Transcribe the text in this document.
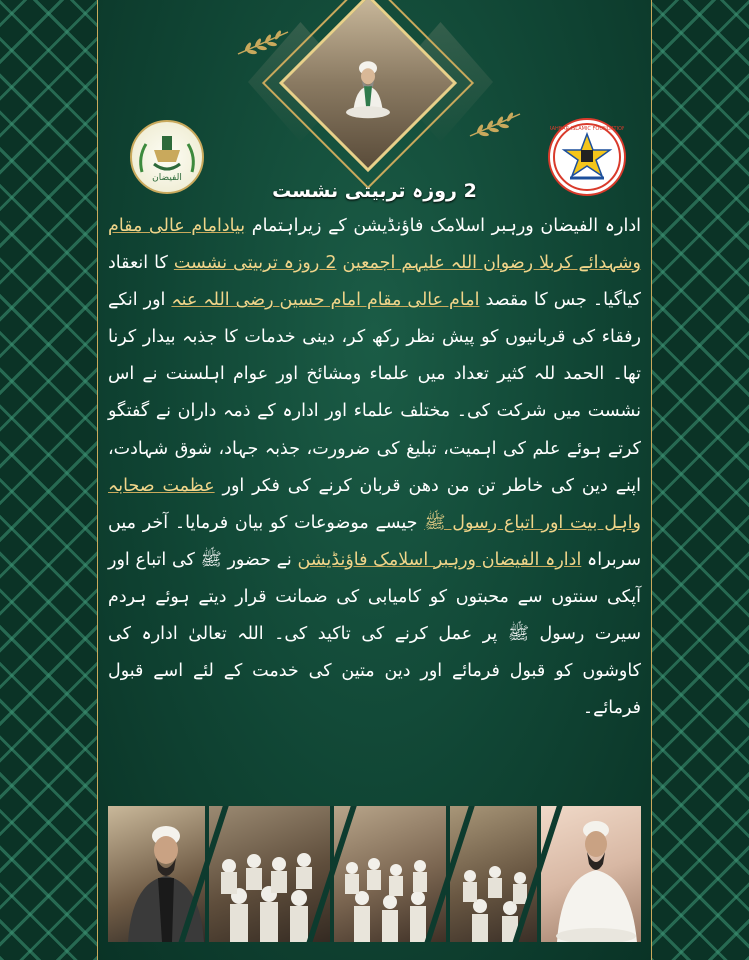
الفیضان
RAHBAR ISLAMIC FOUNDATION
2 روزہ تربیتی نشست
ادارہ الفیضان ورہبر اسلامک فاؤنڈیشن کے زیراہتمام بیادامام عالی مقام وشہدائے کربلا رضوان اللہ علیہم اجمعین 2 روزہ تربیتی نشست کا انعقاد کیاگیا۔ جس کا مقصد امام عالی مقام امام حسین رضی اللہ عنہ اور انکے رفقاء کی قربانیوں کو پیش نظر رکھ کر، دینی خدمات کا جذبہ بیدار کرنا تھا۔ الحمد للہ کثیر تعداد میں علماء ومشائخ اور عوام اہلسنت نے اس نشست میں شرکت کی۔ مختلف علماء اور ادارہ کے ذمہ داران نے گفتگو کرتے ہوئے علم کی اہمیت، تبلیغ کی ضرورت، جذبہ جہاد، شوق شہادت، اپنے دین کی خاطر تن من دھن قربان کرنے کی فکر اور عظمت صحابہ واہل بیت اور اتباع رسول ﷺ جیسے موضوعات کو بیان فرمایا۔ آخر میں سربراہ ادارہ الفیضان ورہبر اسلامک فاؤنڈیشن نے حضور ﷺ کی اتباع اور آپکی سنتوں سے محبتوں کو کامیابی کی ضمانت قرار دیتے ہوئے ہردم سیرت رسول ﷺ پر عمل کرنے کی تاکید کی۔ اللہ تعالیٰ ادارہ کی کاوشوں کو قبول فرمائے اور دین متین کی خدمت کے لئے اسے قبول فرمائے۔
